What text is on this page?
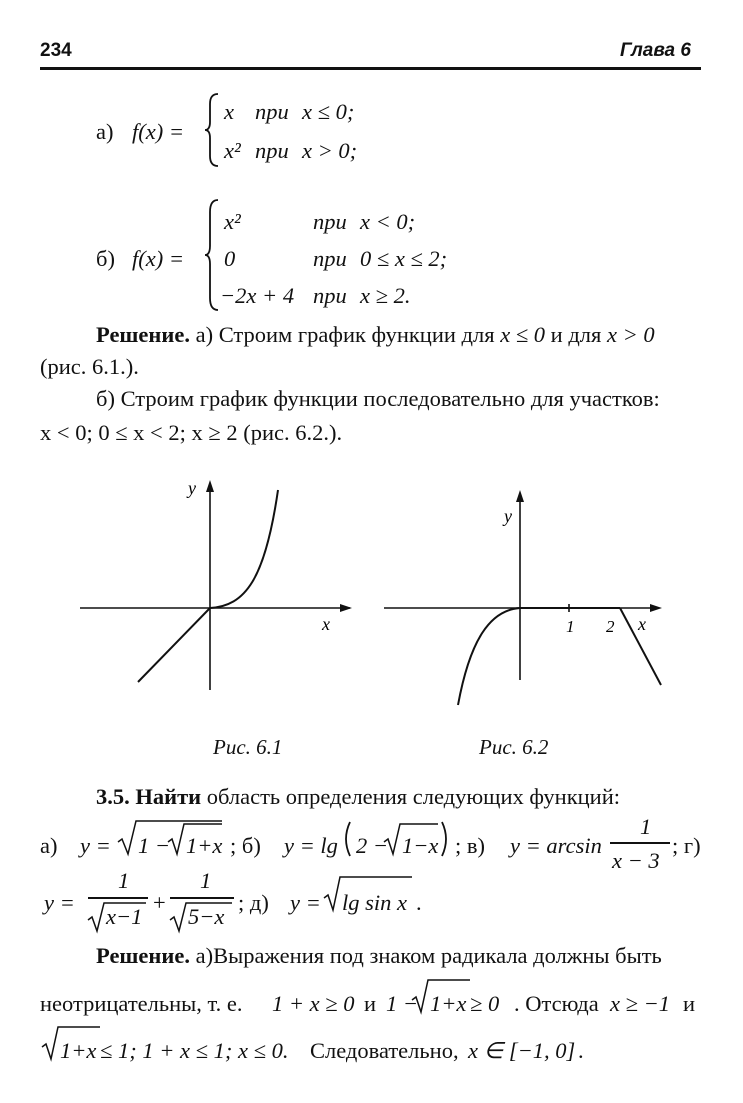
234	Глава 6
а) f(x) =
x при x ≤ 0;
x² при x > 0;
б) f(x) =
x²	при x < 0;
0	при 0 ≤ x ≤ 2;
−2x + 4 при x ≥ 2.
Решение. а) Строим график функции для x ≤ 0 и для x > 0
(рис. 6.1.).
б) Строим график функции последовательно для участков:
x < 0; 0 ≤ x < 2; x ≥ 2 (рис. 6.2.).
y
x
Рис. 6.1
y
1 2 x
Рис. 6.2
3.5. Найти область определения следующих функций:
а) y = 1 − 1+x ; б) y = lg 2 − 1−x ; в) y = arcsin
1
x − 3
; г)
y =
1
x−1
+
1
5−x
; д) y = lg sin x .
Решение. а)Выражения под знаком радикала должны быть
неотрицательны, т. е. 1 + x ≥ 0 и 1 − 1+x ≥ 0 . Отсюда x ≥ −1 и
1+x ≤ 1; 1 + x ≤ 1; x ≤ 0. Следовательно, x ∈ [−1, 0] .
